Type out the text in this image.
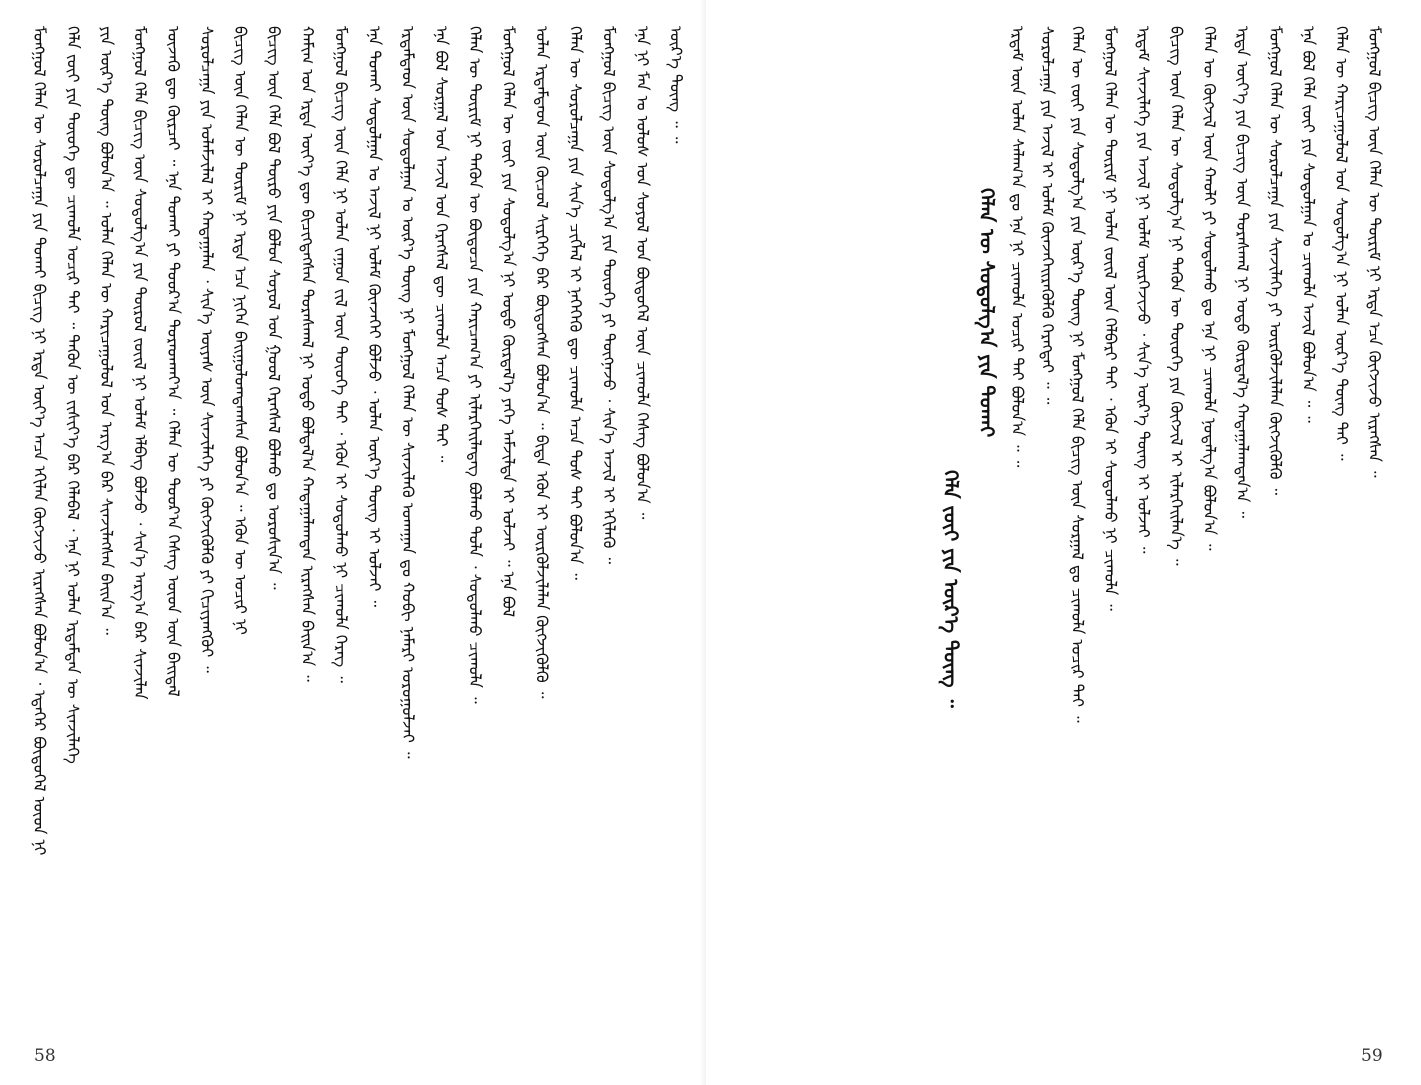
ᠮᠣᠩᠭᠣᠯ ᠬᠡᠯᠡᠨ ᠦ ᠰᠤᠷᠤᠯᠴᠠᠭᠠ ᠶᠢᠨ ᠲᠤᠬᠠᠢ ᠪᠢᠴᠢᠭ ᠨᠢ ᠡᠷᠲᠡ ᠦᠶ᠎ᠡ ᠠᠴᠠ ᠡᠬᠢᠯᠡᠨ ᠬᠥᠭᠵᠢᠵᠦ ᠢᠷᠡᠭᠰᠡᠨ ᠪᠣᠯᠤᠨ᠎ᠠ ᠂ ᠡᠳᠡᠭᠡᠷ ᠪᠦᠲᠦᠭᠡᠯ ᠦᠳ ᠨᠢ ᠬᠡᠯᠡ ᠵᠦᠢ ᠶᠢᠨ ᠲᠦᠦᠬᠡ ᠳᠦ ᠴᠢᠬᠤᠯᠠ ᠤᠴᠢᠷ ᠲᠠᠢ ᠃ ᠲᠡᠭᠦᠨ ᠦ ᠵᠢᠱᠢᠶ᠎ᠡ ᠪᠡᠷ ᠬᠡᠯᠡᠪᠡᠯ ᠂ ᠡᠨᠡ ᠨᠢ ᠣᠯᠠᠨ ᠡᠷᠳᠡᠮᠲᠡᠨ ᠦ ᠰᠢᠨᠵᠢᠯᠡᠭᠡ ᠶᠢᠨ ᠦᠷ᠎ᠡ ᠳᠦᠩ ᠪᠣᠯᠤᠨ᠎ᠠ ᠃ ᠣᠯᠠᠨ ᠬᠡᠯᠡᠨ ᠦ ᠬᠠᠷᠢᠴᠠᠭᠤᠯᠤᠯ ᠤᠨ ᠠᠷᠭ᠎ᠠ ᠪᠠᠷ ᠰᠢᠨᠵᠢᠯᠡᠭᠰᠡᠨ ᠪᠠᠢᠨ᠎ᠠ ᠃ ᠮᠣᠩᠭᠣᠯ ᠬᠡᠯᠡ ᠪᠢᠴᠢᠭ ᠦᠨ ᠰᠤᠳᠤᠯᠭ᠎ᠠ ᠶᠢᠨ ᠲᠦᠷᠦᠯ ᠵᠦᠢᠯ ᠨᠢ ᠤᠯᠠᠮ ᠡᠯᠪᠡᠭ ᠪᠣᠯᠵᠤ ᠂ ᠰᠢᠨ᠎ᠡ ᠠᠷᠭ᠎ᠠ ᠪᠠᠷ ᠰᠢᠨᠵᠢᠯᠡᠨ ᠦᠵᠡᠬᠦ ᠳᠦ ᠬᠦᠷᠴᠡᠢ ᠃ ᠡᠨᠡ ᠲᠤᠬᠠᠢ ᠶᠢ ᠳᠣᠣᠷ᠎ᠠ ᠳᠤᠷᠠᠳᠬᠠᠶ᠎ᠠ ᠃ ᠬᠡᠯᠡᠨ ᠦ ᠳᠣᠣᠷ᠎ᠠ ᠬᠡᠰᠡᠭ ᠦᠳ ᠦᠨ ᠪᠠᠢᠳᠠᠯ ᠰᠤᠷᠤᠯᠴᠠᠭᠠ ᠶᠢᠨ ᠤᠯᠠᠮᠵᠢᠯᠠᠯ ᠢ ᠬᠠᠳᠠᠭᠠᠯᠠᠨ ᠂ ᠰᠢᠨ᠎ᠡ ᠦᠶᠡᠰ ᠦᠨ ᠰᠢᠨᠵᠢᠯᠡᠭᠡ ᠶᠢ ᠬᠥᠭᠵᠢᠭᠦᠯᠬᠦ ᠶᠢ ᠬᠢᠴᠢᠶᠡᠩᠭᠦᠢ ᠃ ᠪᠢᠴᠢᠭ ᠦᠨ ᠬᠡᠯᠡᠨ ᠦ ᠳᠦᠷᠢᠮ ᠨᠢ ᠡᠷᠲᠡ ᠡᠴᠡ ᠨᠢᠭᠡᠨ ᠪᠠᠢᠭᠤᠯᠤᠭᠳᠠᠭᠰᠠᠨ ᠪᠣᠯᠤᠨ᠎ᠠ ᠃ ᠡᠭᠦᠨ ᠦ ᠤᠴᠢᠷ ᠨᠢ ᠪᠢᠴᠢᠭ ᠦᠨ ᠬᠡᠯᠡ ᠪᠣᠯ ᠲᠥᠷᠦ ᠶᠢᠨ ᠪᠣᠯᠤᠨ ᠰᠤᠶᠤᠯ ᠤᠨ ᠭᠣᠣᠯ ᠬᠡᠷᠡᠭᠰᠡᠯ ᠪᠣᠯᠬᠤ ᠳᠤ ᠣᠷᠤᠰᠢᠨ᠎ᠠ ᠃ ᠬᠠᠮᠢᠭ ᠤᠨ ᠡᠷᠲᠡ ᠦᠶ᠎ᠡ ᠳᠦ ᠪᠢᠴᠢᠭᠳᠡᠭᠰᠡᠨ ᠳᠤᠷᠠᠰᠬᠠᠯ ᠨᠢ ᠣᠳᠣ ᠪᠣᠯᠲᠠᠯ᠎ᠠ ᠬᠠᠳᠠᠭᠠᠯᠠᠭᠳᠠᠨ ᠢᠷᠡᠭᠰᠡᠨ ᠪᠠᠢᠨ᠎ᠠ ᠃ ᠮᠣᠩᠭᠣᠯ ᠪᠢᠴᠢᠭ ᠦᠨ ᠬᠡᠯᠡ ᠨᠢ ᠣᠯᠠᠨ ᠵᠠᠭᠤᠨ ᠵᠢᠯ ᠦᠨ ᠲᠦᠦᠬᠡ ᠲᠡᠢ ᠂ ᠡᠭᠦᠨ ᠢ ᠰᠤᠳᠤᠯᠬᠤ ᠨᠢ ᠴᠢᠬᠤᠯᠠ ᠬᠡᠷᠡᠭ ᠃ ᠡᠨᠡ ᠲᠤᠬᠠᠢ ᠰᠤᠳᠤᠯᠭᠠᠨ ᠤ ᠠᠵᠢᠯ ᠨᠢ ᠤᠯᠠᠮ ᠭᠦᠨᠵᠡᠭᠡᠢ ᠪᠣᠯᠵᠤ ᠂ ᠣᠯᠠᠨ ᠦᠷ᠎ᠡ ᠳᠦᠩ ᠢ ᠣᠯᠵᠠᠢ ᠃ ᠡᠷᠳᠡᠮᠲᠡᠳ ᠦᠨ ᠰᠤᠳᠤᠯᠭᠠᠨ ᠤ ᠦᠷ᠎ᠡ ᠳᠦᠩ ᠨᠢ ᠮᠣᠩᠭᠣᠯ ᠬᠡᠯᠡᠨ ᠦ ᠰᠢᠨᠵᠢᠯᠡᠬᠦ ᠤᠬᠠᠭᠠᠨ ᠳᠤ ᠬᠤᠪᠢ ᠨᠡᠮᠡᠷᠢ ᠣᠷᠤᠭᠤᠯᠵᠠᠢ ᠃ ᠡᠨᠡ ᠪᠣᠯ ᠰᠤᠷᠭᠠᠯ ᠤᠨ ᠠᠵᠢᠯ ᠤᠨ ᠬᠡᠷᠡᠭᠰᠡᠯ ᠳᠦ ᠴᠢᠬᠤᠯᠠ ᠠᠴᠠ ᠲᠤᠰ ᠲᠠᠢ ᠃ ᠬᠡᠯᠡᠨ ᠦ ᠳᠦᠷᠢᠮ ᠨᠢ ᠲᠡᠭᠦᠨ ᠦ ᠪᠦᠲᠦᠴᠡ ᠶᠢᠨ ᠬᠠᠷᠢᠴᠠᠭ᠎ᠠ ᠶᠢ ᠢᠯᠡᠷᠬᠡᠢᠯᠡᠳᠡᠭ ᠪᠣᠯᠬᠤ ᠲᠤᠯᠠ ᠂ ᠰᠤᠳᠤᠯᠬᠤ ᠴᠢᠬᠤᠯᠠ ᠃ ᠮᠣᠩᠭᠣᠯ ᠬᠡᠯᠡᠨ ᠦ ᠵᠦᠢ ᠶᠢᠨ ᠰᠤᠳᠤᠯᠭ᠎ᠠ ᠨᠢ ᠣᠳᠣ ᠬᠦᠷᠲᠡᠯ᠎ᠡ ᠶᠡᠬᠡ ᠠᠮᠵᠢᠯᠲᠠ ᠢ ᠣᠯᠵᠠᠢ ᠃ ᠡᠨᠡ ᠪᠣᠯ ᠣᠯᠠᠨ ᠡᠷᠳᠡᠮᠲᠡᠳ ᠦᠨ ᠬᠦᠴᠦᠯ ᠰᠢᠷᠭᠡᠭᠡ ᠪᠠᠷ ᠪᠦᠲᠦᠭᠰᠡᠨ ᠪᠣᠯᠤᠨ᠎ᠠ ᠃ ᠪᠢᠳᠡ ᠡᠭᠦᠨ ᠢ ᠦᠷᠭᠦᠯᠵᠢᠯᠡᠯᠡᠨ ᠬᠥᠭᠵᠢᠭᠦᠯᠬᠦ ᠃ ᠬᠡᠯᠡᠨ ᠦ ᠰᠤᠷᠤᠯᠴᠠᠭᠠ ᠶᠢᠨ ᠰᠢᠨ᠎ᠡ ᠴᠢᠭᠯᠡᠯ ᠢ ᠨᠡᠭᠡᠭᠡᠬᠦ ᠳᠦ ᠴᠢᠬᠤᠯᠠ ᠠᠴᠠ ᠲᠤᠰ ᠲᠠᠢ ᠪᠣᠯᠤᠨ᠎ᠠ ᠃ ᠮᠣᠩᠭᠣᠯ ᠪᠢᠴᠢᠭ ᠦᠨ ᠰᠤᠳᠤᠯᠭ᠎ᠠ ᠶᠢᠨ ᠲᠦᠦᠬᠡ ᠶᠢ ᠳᠦᠭᠨᠡᠵᠦ ᠂ ᠰᠢᠨ᠎ᠡ ᠠᠵᠢᠯ ᠢ ᠡᠬᠢᠯᠡᠬᠦ ᠃ ᠡᠨᠡ ᠨᠢ ᠮᠠᠨ ᠤ ᠤᠯᠤᠰ ᠤᠨ ᠰᠣᠶᠤᠯ ᠤᠨ ᠪᠦᠲᠦᠭᠡᠯ ᠦᠨ ᠴᠢᠬᠤᠯᠠ ᠬᠡᠰᠡᠭ ᠪᠣᠯᠤᠨ᠎ᠠ ᠃ ᠦᠷ᠎ᠡ ᠳᠦᠩ ᠃ ᠃
58
ᠬᠡᠯᠡᠨ ᠦ ᠵᠦᠢ ᠶᠢᠨ ᠰᠤᠳᠤᠯᠭ᠎ᠠ ᠶᠢᠨ ᠦᠷ᠎ᠡ ᠳᠦᠩ ᠨᠢ ᠮᠣᠩᠭᠣᠯ ᠬᠡᠯᠡ ᠪᠢᠴᠢᠭ ᠦᠨ ᠰᠤᠷᠭᠠᠯ ᠳᠤ ᠴᠢᠬᠤᠯᠠ ᠤᠴᠢᠷ ᠲᠠᠢ ᠃ ᠮᠣᠩᠭᠣᠯ ᠬᠡᠯᠡᠨ ᠦ ᠳᠦᠷᠢᠮ ᠨᠢ ᠣᠯᠠᠨ ᠵᠦᠢᠯ ᠦᠨ ᠬᠡᠯᠪᠡᠷᠢ ᠲᠠᠢ ᠂ ᠡᠭᠦᠨ ᠢ ᠰᠤᠳᠤᠯᠬᠤ ᠨᠢ ᠴᠢᠬᠤᠯᠠ ᠃ ᠡᠷᠳᠡᠮ ᠰᠢᠨᠵᠢᠯᠡᠭᠡ ᠶᠢᠨ ᠠᠵᠢᠯ ᠨᠢ ᠤᠯᠠᠮ ᠦᠷᠭᠡᠵᠢᠵᠦ ᠂ ᠰᠢᠨ᠎ᠡ ᠦᠷ᠎ᠡ ᠳᠦᠩ ᠢ ᠣᠯᠵᠠᠢ ᠃ ᠪᠢᠴᠢᠭ ᠦᠨ ᠬᠡᠯᠡᠨ ᠦ ᠰᠤᠳᠤᠯᠭ᠎ᠠ ᠨᠢ ᠲᠡᠭᠦᠨ ᠦ ᠲᠦᠦᠬᠡ ᠶᠢᠨ ᠬᠥᠭᠵᠢᠯ ᠢ ᠢᠯᠡᠷᠬᠡᠢᠯᠡᠨ᠎ᠡ ᠃ ᠬᠡᠯᠡᠨ ᠦ ᠬᠥᠭᠵᠢᠯ ᠦᠨ ᠬᠠᠤᠯᠢ ᠶᠢ ᠰᠤᠳᠤᠯᠬᠤ ᠳᠤ ᠡᠨᠡ ᠨᠢ ᠴᠢᠬᠤᠯᠠ ᠨᠣᠲᠠᠯᠭ᠎ᠠ ᠪᠣᠯᠤᠨ᠎ᠠ ᠃ ᠡᠷᠲᠡ ᠦᠶ᠎ᠡ ᠶᠢᠨ ᠪᠢᠴᠢᠭ ᠦᠨ ᠳᠤᠷᠠᠰᠬᠠᠯ ᠨᠢ ᠣᠳᠣ ᠬᠦᠷᠲᠡᠯ᠎ᠡ ᠬᠠᠳᠠᠭᠠᠯᠠᠭᠳᠠᠨ᠎ᠠ ᠃ ᠮᠣᠩᠭᠣᠯ ᠬᠡᠯᠡᠨ ᠦ ᠰᠤᠷᠤᠯᠴᠠᠭᠠ ᠶᠢᠨ ᠰᠢᠨᠵᠢᠯᠡᠭᠡ ᠶᠢ ᠦᠷᠭᠦᠯᠵᠢᠯᠡᠯᠡᠨ ᠬᠥᠭᠵᠢᠭᠦᠯᠬᠦ ᠃ ᠡᠨᠡ ᠪᠣᠯ ᠬᠡᠯᠡ ᠵᠦᠢ ᠶᠢᠨ ᠰᠤᠳᠤᠯᠭᠠᠨ ᠤ ᠴᠢᠬᠤᠯᠠ ᠠᠵᠢᠯ ᠪᠣᠯᠤᠨ᠎ᠠ ᠃ ᠃ ᠬᠡᠯᠡᠨ ᠦ ᠬᠠᠷᠢᠴᠠᠭᠤᠯᠤᠯ ᠤᠨ ᠰᠤᠳᠤᠯᠭ᠎ᠠ ᠨᠢ ᠣᠯᠠᠨ ᠦᠷ᠎ᠡ ᠳᠦᠩ ᠲᠡᠢ ᠃ ᠮᠣᠩᠭᠣᠯ ᠪᠢᠴᠢᠭ ᠦᠨ ᠬᠡᠯᠡᠨ ᠦ ᠳᠦᠷᠢᠮ ᠨᠢ ᠡᠷᠲᠡ ᠡᠴᠡ ᠬᠥᠭᠵᠢᠵᠦ ᠢᠷᠡᠭᠰᠡᠨ ᠃
ᠰᠤᠷᠤᠯᠴᠠᠭᠠ ᠶᠢᠨ ᠠᠵᠢᠯ ᠢ ᠤᠯᠠᠮ ᠭᠦᠨᠵᠡᠭᠡᠢᠷᠡᠭᠦᠯᠬᠦ ᠬᠡᠷᠡᠭᠲᠡᠢ ᠃ ᠃
ᠡᠷᠳᠡᠮ ᠦᠨ ᠣᠯᠠᠨ ᠰᠠᠯᠠᠭ᠎ᠠ ᠳᠤ ᠡᠨᠡ ᠨᠢ ᠴᠢᠬᠤᠯᠠ ᠤᠴᠢᠷ ᠲᠠᠢ ᠪᠣᠯᠤᠨ᠎ᠠ ᠃ ᠃
ᠬᠡᠯᠡᠨ ᠦ ᠰᠤᠳᠤᠯᠭ᠎ᠠ ᠶᠢᠨ ᠲᠤᠬᠠᠢ
ᠬᠡᠯᠡ ᠵᠦᠢ ᠶᠢᠨ ᠦᠷ᠎ᠡ ᠳᠦᠩ ᠃
59
